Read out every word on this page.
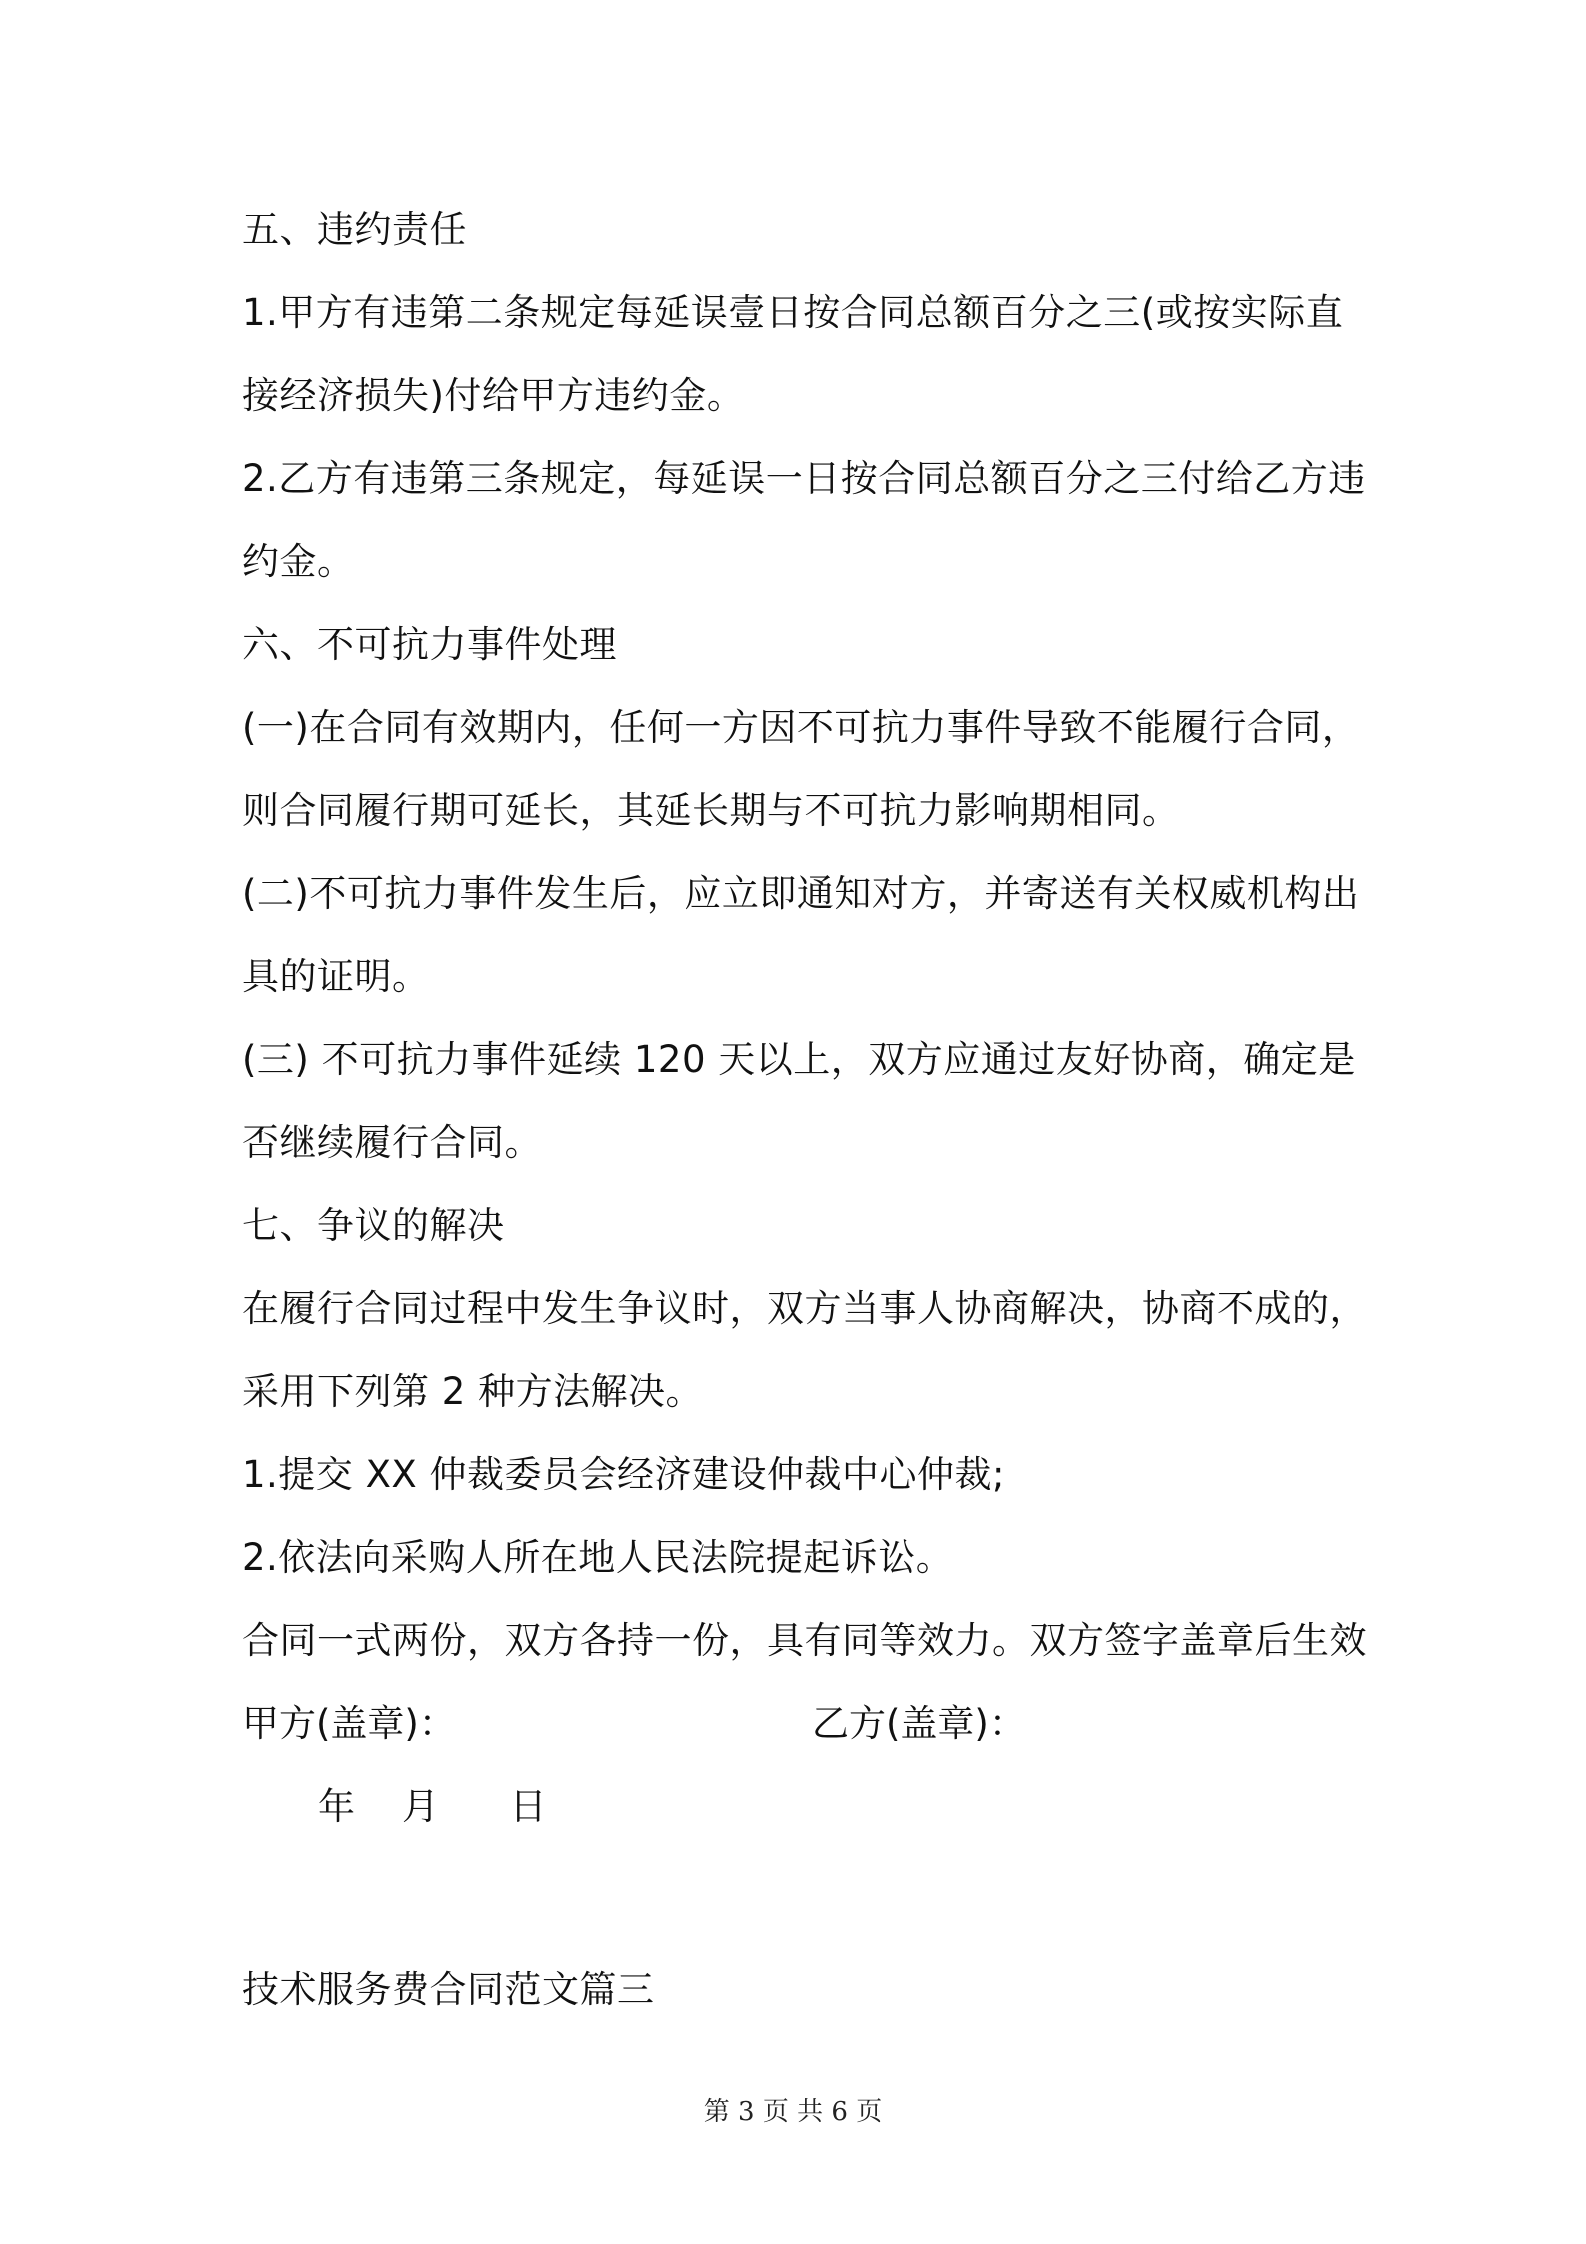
五、违约责任
1.甲方有违第二条规定每延误壹日按合同总额百分之三(或按实际直
接经济损失)付给甲方违约金。
2.乙方有违第三条规定，每延误一日按合同总额百分之三付给乙方违
约金。
六、不可抗力事件处理
(一)在合同有效期内，任何一方因不可抗力事件导致不能履行合同，
则合同履行期可延长，其延长期与不可抗力影响期相同。
(二)不可抗力事件发生后，应立即通知对方，并寄送有关权威机构出
具的证明。
(三) 不可抗力事件延续 120 天以上，双方应通过友好协商，确定是
否继续履行合同。
七、争议的解决
在履行合同过程中发生争议时，双方当事人协商解决，协商不成的，
采用下列第 2 种方法解决。
1.提交 XX 仲裁委员会经济建设仲裁中心仲裁;
2.依法向采购人所在地人民法院提起诉讼。
合同一式两份，双方各持一份，具有同等效力。双方签字盖章后生效
甲方(盖章)：	乙方(盖章)：
年    月      日
技术服务费合同范文篇三
第 3 页 共 6 页
